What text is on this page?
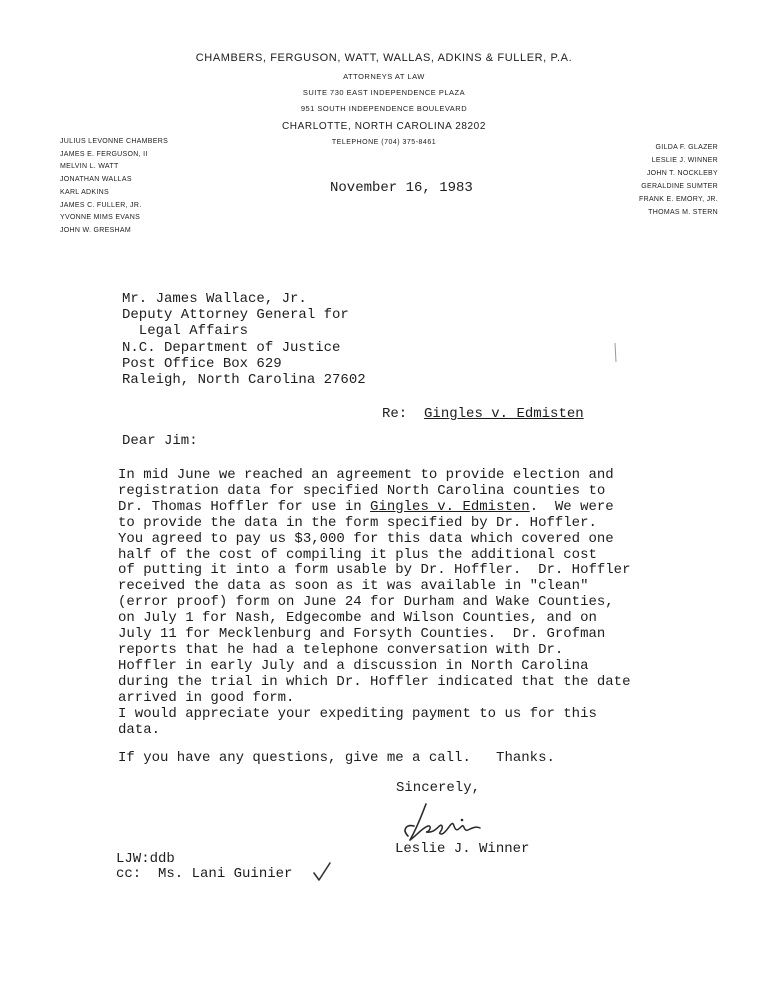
CHAMBERS, FERGUSON, WATT, WALLAS, ADKINS & FULLER, P.A.
ATTORNEYS AT LAW
SUITE 730 EAST INDEPENDENCE PLAZA
951 SOUTH INDEPENDENCE BOULEVARD
CHARLOTTE, NORTH CAROLINA 28202
TELEPHONE (704) 375-8461
JULIUS LEVONNE CHAMBERS
JAMES E. FERGUSON, II
MELVIN L. WATT
JONATHAN WALLAS
KARL ADKINS
JAMES C. FULLER, JR.
YVONNE MIMS EVANS
JOHN W. GRESHAM
GILDA F. GLAZER
LESLIE J. WINNER
JOHN T. NOCKLEBY
GERALDINE SUMTER
FRANK E. EMORY, JR.
THOMAS M. STERN
November 16, 1983
Mr. James Wallace, Jr.
Deputy Attorney General for
Legal Affairs
N.C. Department of Justice
Post Office Box 629
Raleigh, North Carolina 27602
Re: Gingles v. Edmisten
Dear Jim:
In mid June we reached an agreement to provide election and
registration data for specified North Carolina counties to
Dr. Thomas Hoffler for use in Gingles v. Edmisten.  We were
to provide the data in the form specified by Dr. Hoffler.
You agreed to pay us $3,000 for this data which covered one
half of the cost of compiling it plus the additional cost
of putting it into a form usable by Dr. Hoffler.  Dr. Hoffler
received the data as soon as it was available in "clean"
(error proof) form on June 24 for Durham and Wake Counties,
on July 1 for Nash, Edgecombe and Wilson Counties, and on
July 11 for Mecklenburg and Forsyth Counties.  Dr. Grofman
reports that he had a telephone conversation with Dr.
Hoffler in early July and a discussion in North Carolina
during the trial in which Dr. Hoffler indicated that the date
arrived in good form.
I would appreciate your expediting payment to us for this
data.
If you have any questions, give me a call.   Thanks.
Sincerely,
Leslie J. Winner
LJW:ddb
cc:  Ms. Lani Guinier
